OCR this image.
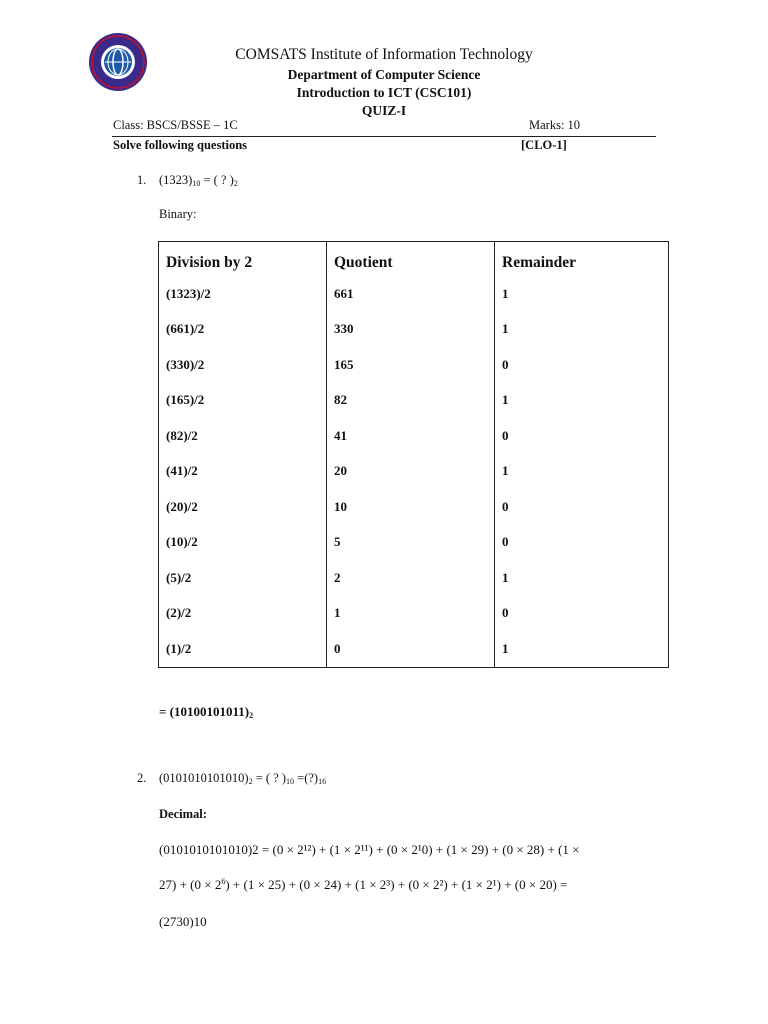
COMSATS Institute of Information Technology
Department of Computer Science
Introduction to ICT (CSC101)
QUIZ-I
Class: BSCS/BSSE – 1C	Marks: 10
Solve following questions	[CLO-1]
1. $(1323)_{10}$ = ( ? )$_2$
Binary:
Division by 2	Quotient	Remainder
(1323)/2	661	1
(661)/2	330	1
(330)/2	165	0
(165)/2	82	1
(82)/2	41	0
(41)/2	20	1
(20)/2	10	0
(10)/2	5	0
(5)/2	2	1
(2)/2	1	0
(1)/2	0	1
= $(10100101011)_2$
2. $(0101010101010)_2$ = ( ? )$_{10}$ $=(?)_{16}$
Decimal:
(0101010101010)2 = (0 × 2¹²) + (1 × 2¹¹) + (0 × 2¹0) + (1 × 29) + (0 × 28) + (1 ×
$27) + (0 \times 2^6) + (1 \times 25) + (0 \times 24) + (1 \times 2^3) + (0 \times 2^2) + (1 \times 2^1) + (0 \times 20)$ =
(2730)10
